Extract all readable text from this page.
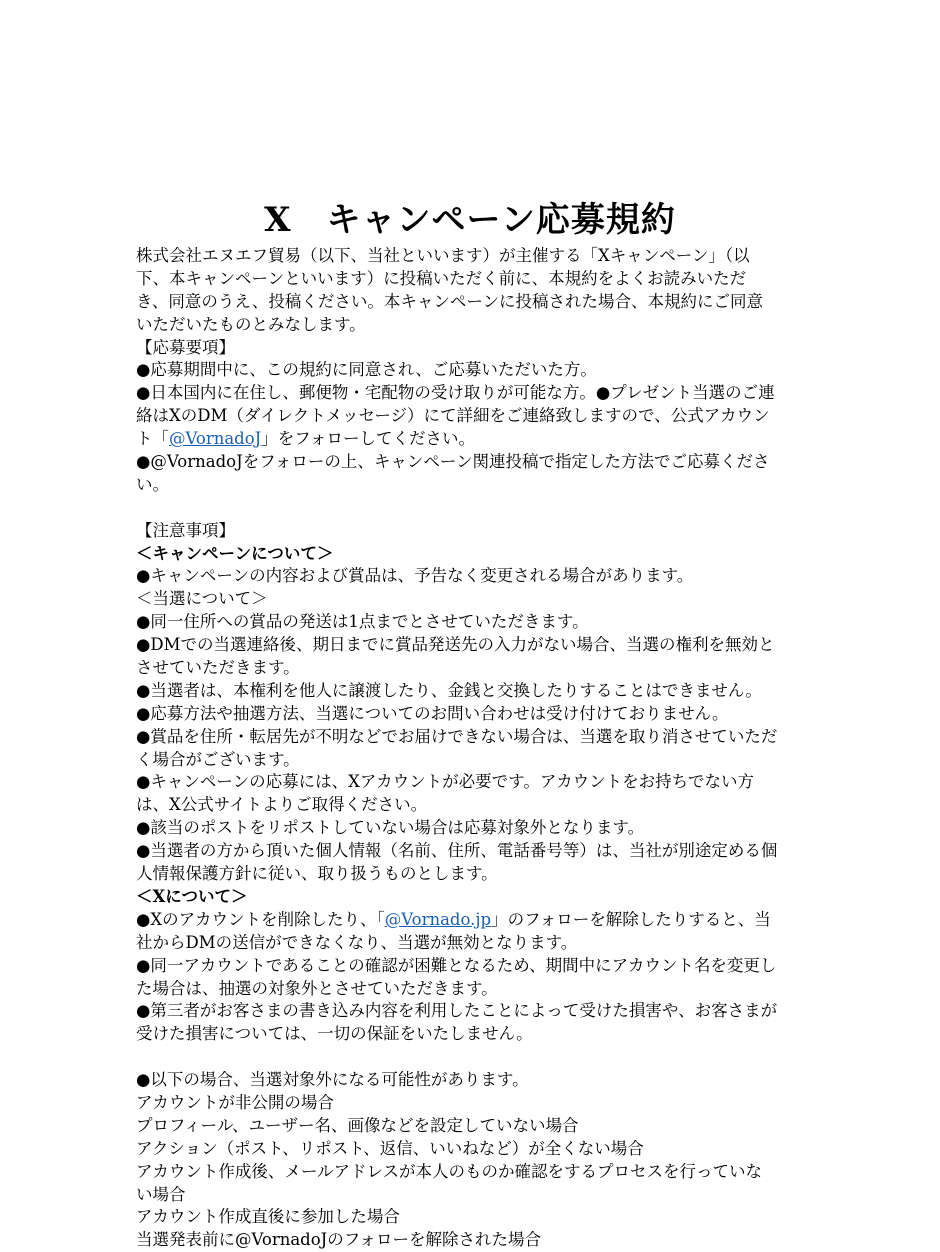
X　キャンペーン応募規約
株式会社エヌエフ貿易（以下、当社といいます）が主催する「Xキャンペーン」（以
下、本キャンペーンといいます）に投稿いただく前に、本規約をよくお読みいただ
き、同意のうえ、投稿ください。本キャンペーンに投稿された場合、本規約にご同意
いただいたものとみなします。
【応募要項】
●応募期間中に、この規約に同意され、ご応募いただいた方。
●日本国内に在住し、郵便物・宅配物の受け取りが可能な方。●プレゼント当選のご連
絡はXのDM（ダイレクトメッセージ）にて詳細をご連絡致しますので、公式アカウン
ト「@VornadoJ」をフォローしてください。
●@VornadoJをフォローの上、キャンペーン関連投稿で指定した方法でご応募くださ
い。
【注意事項】
＜キャンペーンについて＞
●キャンペーンの内容および賞品は、予告なく変更される場合があります。
＜当選について＞
●同一住所への賞品の発送は1点までとさせていただきます。
●DMでの当選連絡後、期日までに賞品発送先の入力がない場合、当選の権利を無効と
させていただきます。
●当選者は、本権利を他人に譲渡したり、金銭と交換したりすることはできません。
●応募方法や抽選方法、当選についてのお問い合わせは受け付けておりません。
●賞品を住所・転居先が不明などでお届けできない場合は、当選を取り消させていただ
く場合がございます。
●キャンペーンの応募には、Xアカウントが必要です。アカウントをお持ちでない方
は、X公式サイトよりご取得ください。
●該当のポストをリポストしていない場合は応募対象外となります。
●当選者の方から頂いた個人情報（名前、住所、電話番号等）は、当社が別途定める個
人情報保護方針に従い、取り扱うものとします。
＜Xについて＞
●Xのアカウントを削除したり、「@Vornado.jp」のフォローを解除したりすると、当
社からDMの送信ができなくなり、当選が無効となります。
●同一アカウントであることの確認が困難となるため、期間中にアカウント名を変更し
た場合は、抽選の対象外とさせていただきます。
●第三者がお客さまの書き込み内容を利用したことによって受けた損害や、お客さまが
受けた損害については、一切の保証をいたしません。
●以下の場合、当選対象外になる可能性があります。
アカウントが非公開の場合
プロフィール、ユーザー名、画像などを設定していない場合
アクション（ポスト、リポスト、返信、いいねなど）が全くない場合
アカウント作成後、メールアドレスが本人のものか確認をするプロセスを行っていな
い場合
アカウント作成直後に参加した場合
当選発表前に@VornadoJのフォローを解除された場合
